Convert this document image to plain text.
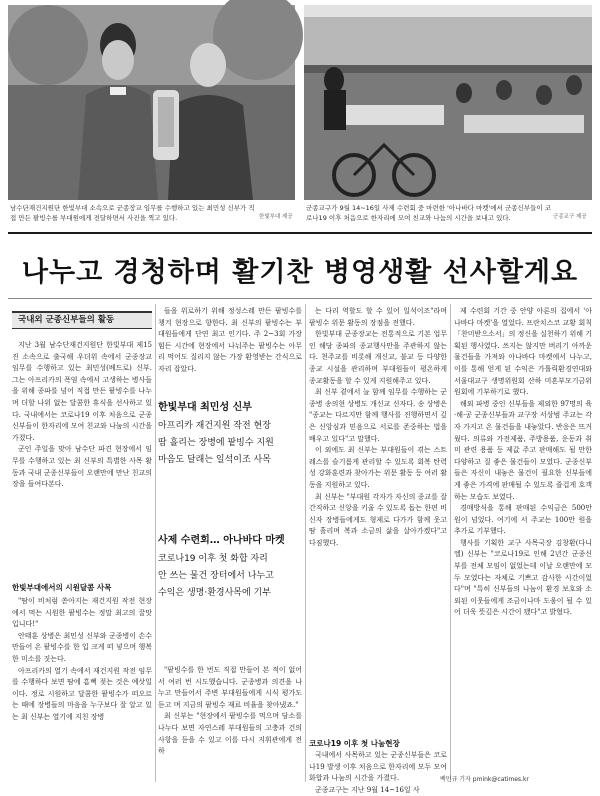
남수단재건지원단 한빛부대 소속으로 군종장교 임무를 수행하고 있는 최민성 신부가 직접 만든 팥빙수를 부대원에게 전달하면서 사진을 찍고 있다.	한빛부대 제공
군종교구가 9월 14~16일 사제 수련회 중 마련한 '아나바다 마켓'에서 군종신부들이 코로나19 이후 처음으로 한자리에 모여 친교와 나눔의 시간을 보내고 있다.	군종교구 제공
나누고 경청하며 활기찬 병영생활 선사할게요
국내외 군종신부들의 활동

지난 3월 남수단재건지원단 한빛부대 제15진 소속으로 출국해 우더위 속에서 군종장교 임무를 수행하고 있는 최민성(베드로) 신부. 그는 아프리카의 폭염 속에서 고생하는 병사들을 위해 종파를 넘어 직접 만든 팥빙수를 나누며 더할 나위 없는 달콤한 휴식을 선사하고 있다. 국내에서는 코로나19 이후 처음으로 군종신부들이 한자리에 모여 친교와 나눔의 시간을 가졌다.

군인 주일을 맞아 남수단 파견 현장에서 임무를 수행하고 있는 최 신부의 특별한 사목 활동과 국내 군종신부들이 오랜만에 만난 친교의 장을 들여다본다.

한빛부대에서의 시원달콤 사목

"땀이 비처럼 쏟아지는 재건지원 작전 현장에서 먹는 시원한 팥빙수는 정말 최고의 꿀맛입니다!"

안태훈 상병은 최민성 신부와 군종병이 손수 만들어 온 팥빙수를 한 입 크게 떠 넣으며 행복한 미소를 짓는다.

아프리카의 열기 속에서 재건지원 작전 임무를 수행하다 보면 땀에 흠뻑 젖는 것은 예삿일이다. 정로 시원하고 달콤한 팥빙수가 떠오르는 때에 장병들의 마음을 누구보다 잘 알고 있는 최 신부는 열기에 지친 장병

들을 위로하기 위해 정성스레 만든 팥빙수를 챙겨 현장으로 향한다. 최 신부의 팥빙수는 부대원들에게 단연 최고 인기다. 주 2~3회 가장 힘든 시간에 현장에서 나눠주는 팥빙수는 아무리 먹어도 질리지 않는 가장 환영받는 간식으로 자리 잡았다.

한빛부대 최민성 신부
아프리카 재건지원 작전 현장
땀 흘리는 장병에 팥빙수 지원
마음도 달래는 일석이조 사목
사제 수련회… 아나바다 마켓
코로나19 이후 첫 화합 자리
안 쓰는 물건 장터에서 나누고
수익은 생명·환경사목에 기부

"팥빙수를 한 번도 직접 만들어 본 적이 없어서 여러 번 시도했습니다. 군종병과 의견을 나누고 만들어서 주변 부대원들에게 시식 평가도 듣고 며 지금의 팥빙수 재료 비율을 찾아냈죠."

최 신부는 "현장에서 팥빙수를 먹으며 담소를 나누다 보면 자연스레 부대원들의 고충과 건의사항을 듣을 수 있고 이를 다시 지휘관에게 전하

는 다리 역할도 할 수 있어 일석이조"라며 팥빙수 위문 활동의 장점을 전했다.

한빛부대 군종장교는 전통적으로 기본 업무인 해당 종파의 종교행사만을 주관하지 않는다. 천주교를 비롯해 개신교, 불교 등 다양한 종교 시설을 관리하며 부대원들이 평온하게 종교활동을 할 수 있게 지원해주고 있다.

최 신부 곁에서 늘 함께 임무를 수행하는 군종병 송의현 상병도 개신교 신자다. 송 상병은 "종교는 다르지만 함께 행사를 진행하면서 깊은 신앙심과 믿음으로 서로를 존중하는 법을 배우고 있다"고 말했다.

이 외에도 최 신부는 부대원들이 겪는 스트레스를 슬기롭게 관리할 수 있도록 회복 탄력성 강화훈련과 찾아가는 위문 활동 등 여러 활동을 지원하고 있다.

최 신부는 "부대원 각자가 자신의 종교를 잘 간직하고 신앙을 키울 수 있도록 돕는 한편 비신자 장병들에게도 형제로 다가가 함께 웃고 땀 흘리며 복과 소금의 삶을 살아가겠다"고 다짐했다.

코로나19 이후 첫 나눔현장

국내에서 사목하고 있는 군종신부들은 코로나19 발생 이후 처음으로 한자리에 모두 모여 화합과 나눔의 시간을 가졌다.

군종교구는 지난 9월 14~16일 사

제 수련회 기간 중 안양 아론의 집에서 '아나바다 마켓'을 열었다. 프란치스코 교황 회칙 「찬미받으소서」의 정신을 실천하기 위해 기획된 행사였다. 쓰지는 않지만 버리기 아까운 물건들을 가져와 아나바다 마켓에서 나누고, 이를 통해 얻게 된 수익은 가톨릭환경연대와 서울대교구 생명위원회 산하 미혼부모기금위원회에 기부하기로 했다.

해외 파병 중인 신부들을 제외한 97명의 육·해·공 군종신부들과 교구장 서상범 주교는 각자 가지고 온 물건들을 내놓았다. 반응은 뜨거웠다. 의류와 가전제품, 주방용품, 운동과 취미 관련 용품 등 제값 주고 판매해도 될 만한 다양하고 질 좋은 물건들이 모였다. 군종신부들은 자신이 내놓은 물건이 필요한 신부들에게 좋은 가격에 판매될 수 있도록 즐겁게 호객하는 모습도 보였다.

경매방식을 통해 판매된 수익금은 500만 원이 넘었다. 여기에 서 주교는 100만 원을 추가로 기부했다.

행사를 기획한 교구 사목국장 김창환(다니엘) 신부는 "코로나19로 인해 2년간 군종신부를 전체 모임이 없었는데 이날 오랜만에 모두 모였다는 자체로 기쁘고 감사한 시간이었다"며 "특히 신부들의 나눔이 환경 보호와 소외된 이웃들에게 조금이나마 도움이 될 수 있어 더욱 뜻깊은 시간이 됐다"고 밝혔다.

백민규 기자 pmink@catimes.kr
